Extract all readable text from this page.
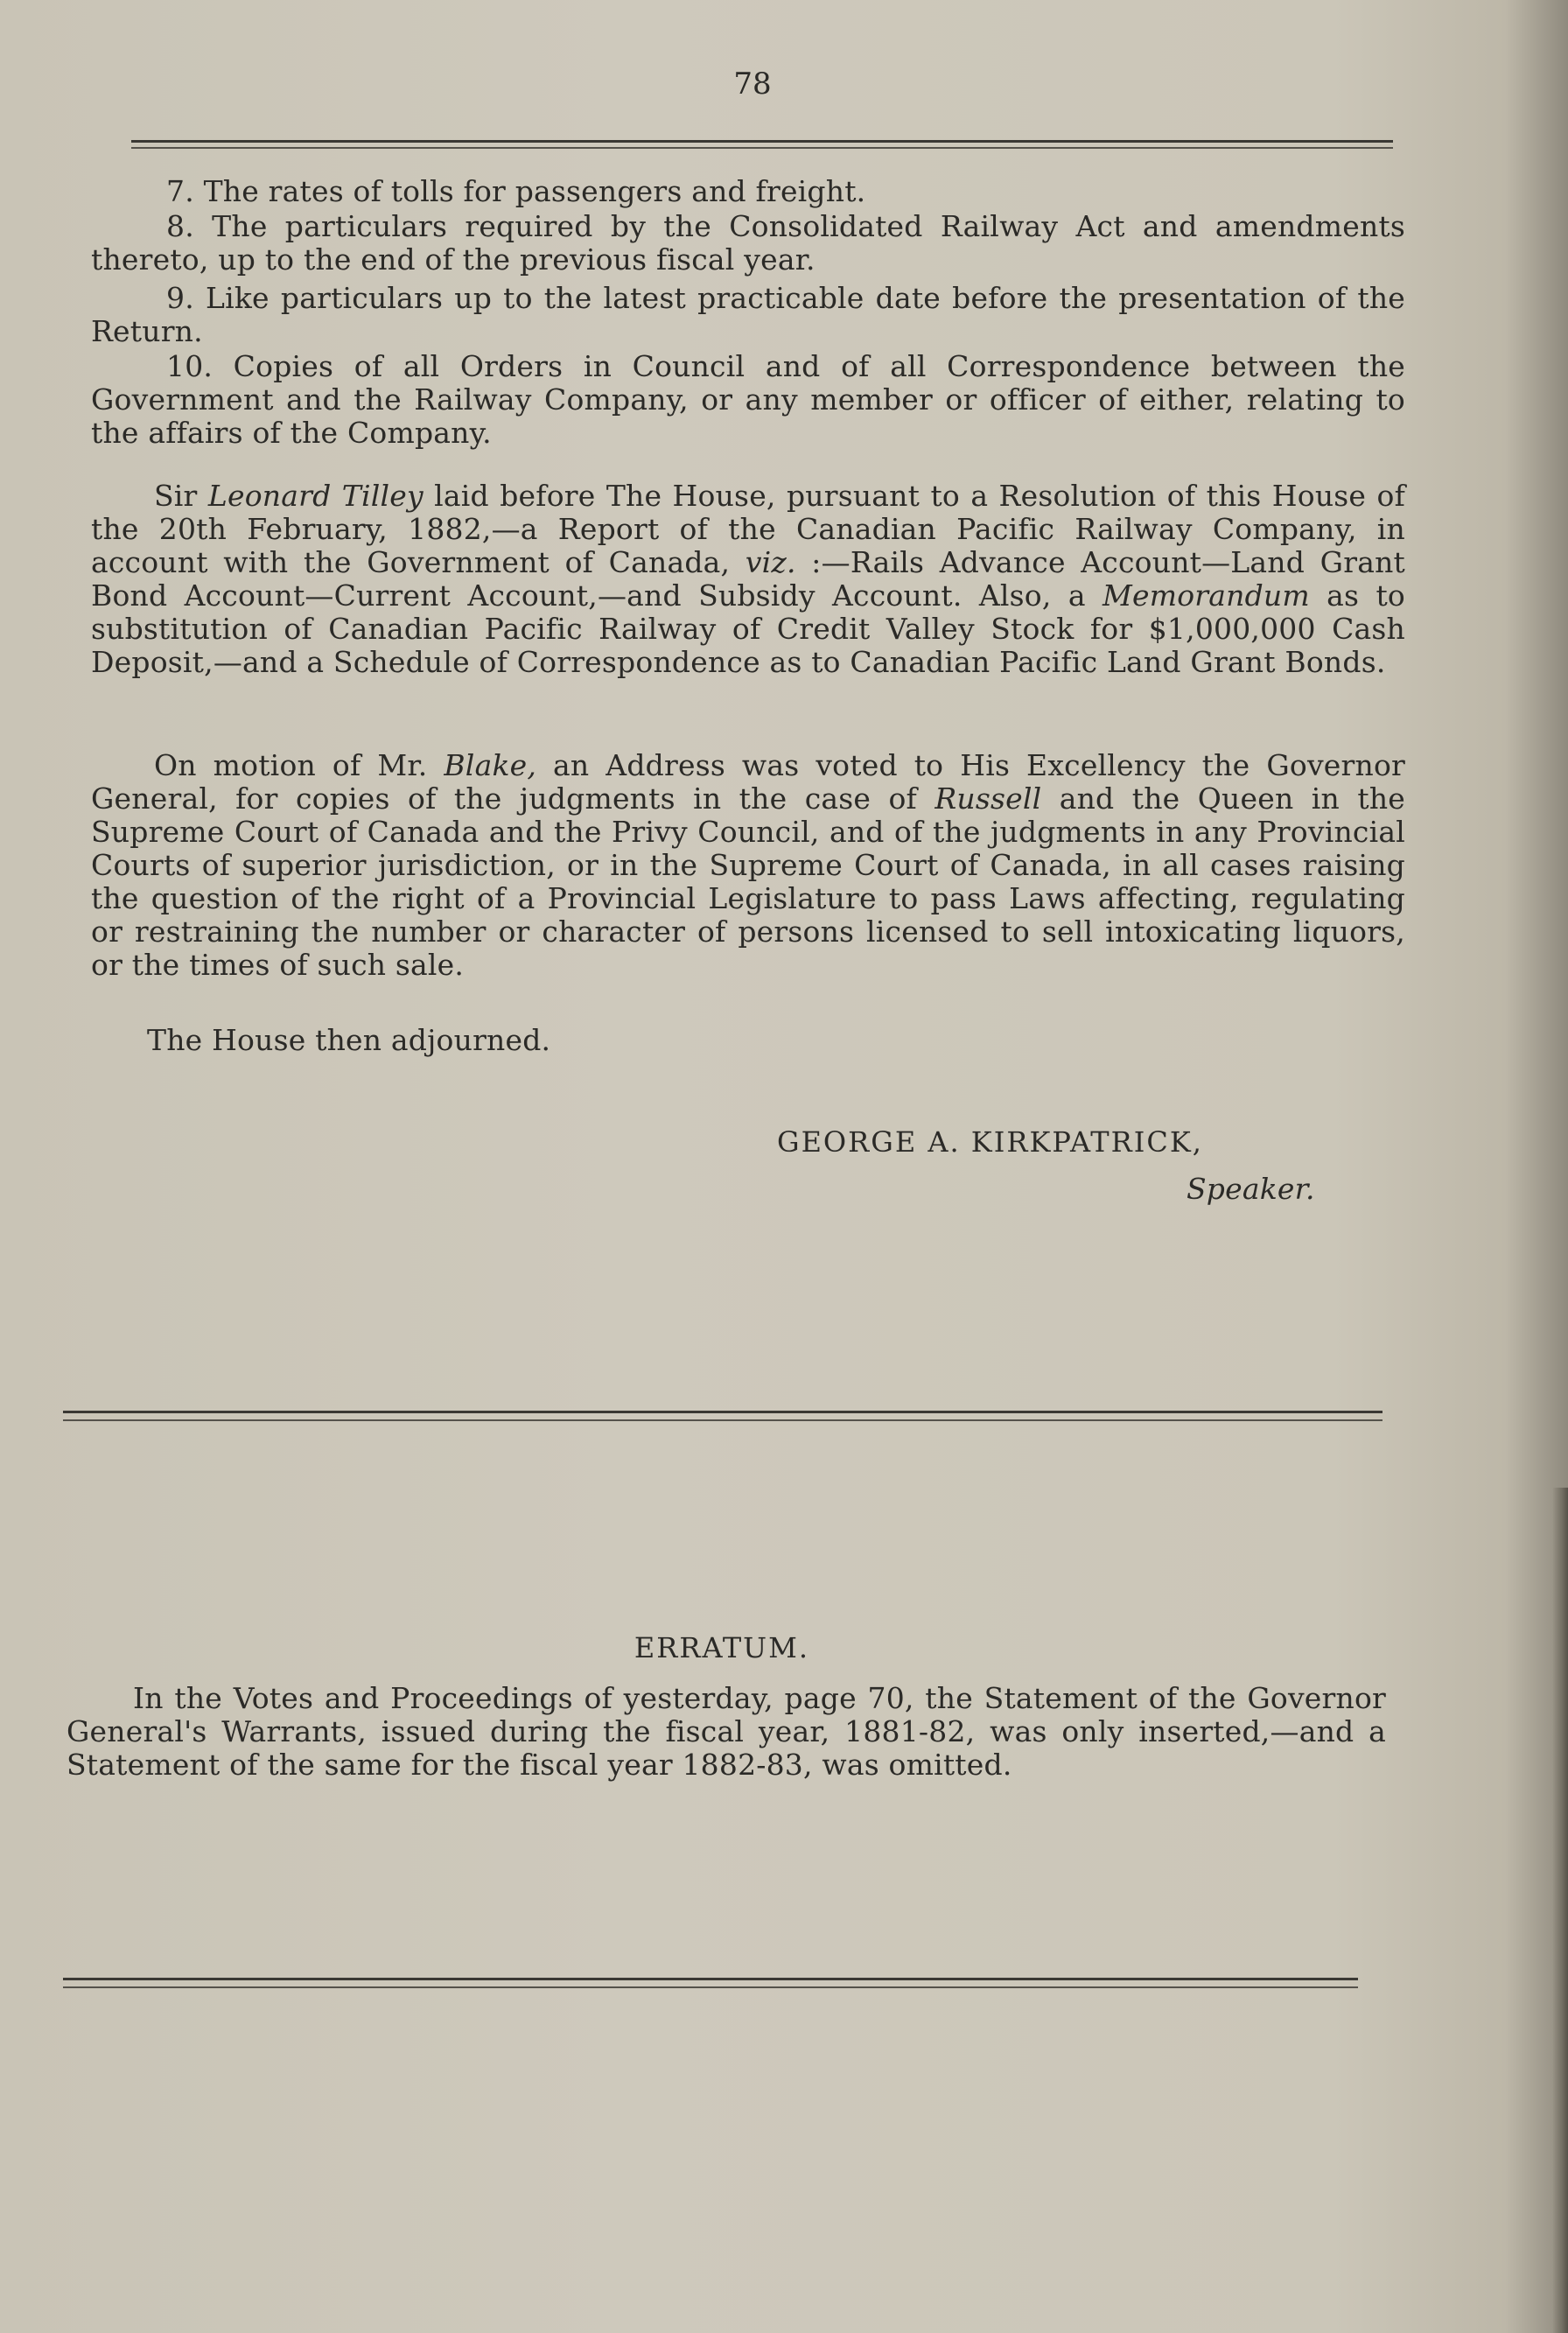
78
7. The rates of tolls for passengers and freight.
8. The particulars required by the Consolidated Railway Act and amendments thereto, up to the end of the previous fiscal year.
9. Like particulars up to the latest practicable date before the presentation of the Return.
10. Copies of all Orders in Council and of all Correspondence between the Government and the Railway Company, or any member or officer of either, relating to the affairs of the Company.
Sir Leonard Tilley laid before The House, pursuant to a Resolution of this House of the 20th February, 1882,—a Report of the Canadian Pacific Railway Company, in account with the Government of Canada, viz. :—Rails Advance Account—Land Grant Bond Account—Current Account,—and Subsidy Account. Also, a Memorandum as to substitution of Canadian Pacific Railway of Credit Valley Stock for $1,000,000 Cash Deposit,—and a Schedule of Correspondence as to Canadian Pacific Land Grant Bonds.
On motion of Mr. Blake, an Address was voted to His Excellency the Governor General, for copies of the judgments in the case of Russell and the Queen in the Supreme Court of Canada and the Privy Council, and of the judgments in any Provincial Courts of superior jurisdiction, or in the Supreme Court of Canada, in all cases raising the question of the right of a Provincial Legislature to pass Laws affecting, regulating or restraining the number or character of persons licensed to sell intoxicating liquors, or the times of such sale.
The House then adjourned.
GEORGE A. KIRKPATRICK,
Speaker.
ERRATUM.
In the Votes and Proceedings of yesterday, page 70, the Statement of the Governor General's Warrants, issued during the fiscal year, 1881-82, was only inserted,—and a Statement of the same for the fiscal year 1882-83, was omitted.
